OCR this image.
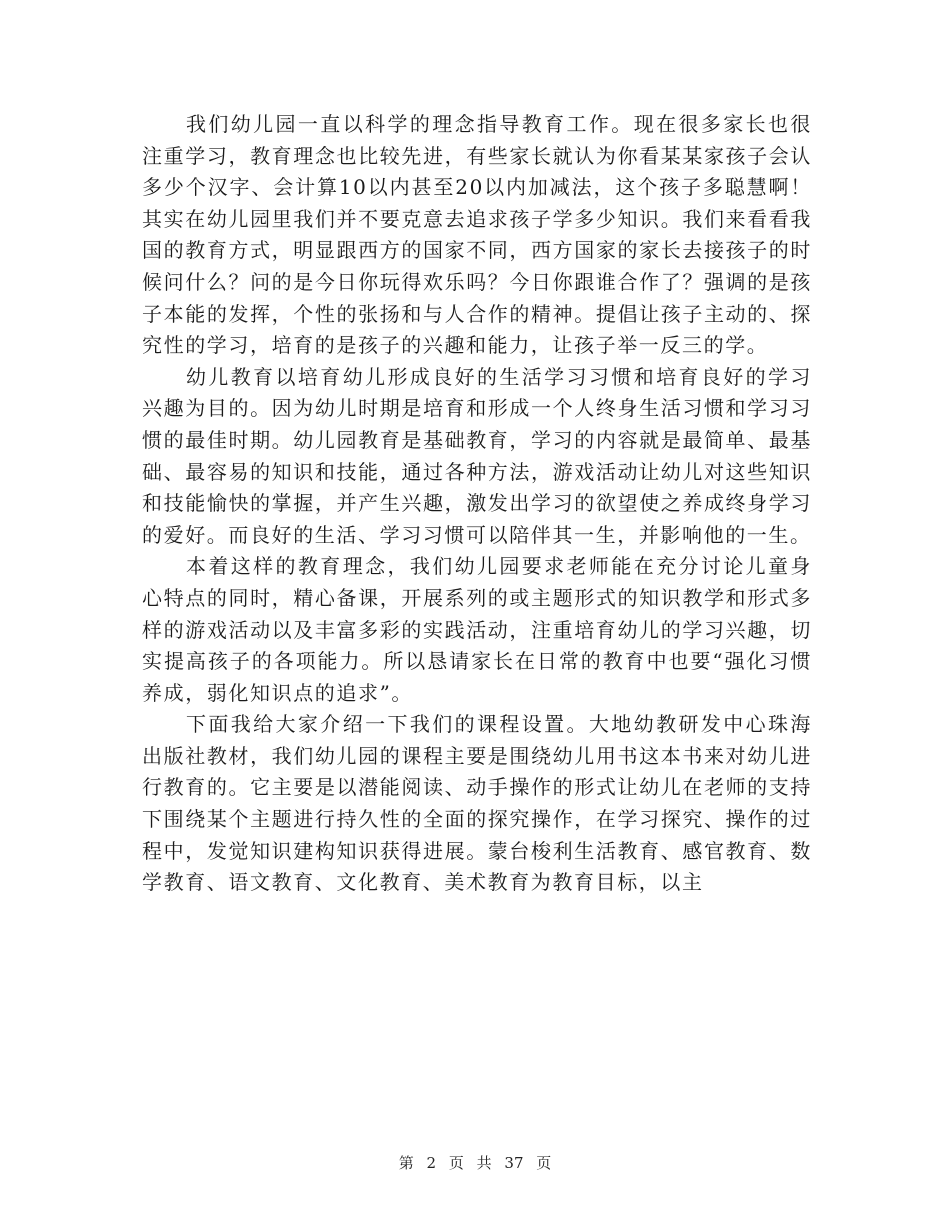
我们幼儿园一直以科学的理念指导教育工作。现在很多家长也很注重学习，教育理念也比较先进，有些家长就认为你看某某家孩子会认多少个汉字、会计算10以内甚至20以内加减法，这个孩子多聪慧啊！其实在幼儿园里我们并不要克意去追求孩子学多少知识。我们来看看我国的教育方式，明显跟西方的国家不同，西方国家的家长去接孩子的时候问什么？问的是今日你玩得欢乐吗？今日你跟谁合作了？强调的是孩子本能的发挥，个性的张扬和与人合作的精神。提倡让孩子主动的、探究性的学习，培育的是孩子的兴趣和能力，让孩子举一反三的学。

幼儿教育以培育幼儿形成良好的生活学习习惯和培育良好的学习兴趣为目的。因为幼儿时期是培育和形成一个人终身生活习惯和学习习惯的最佳时期。幼儿园教育是基础教育，学习的内容就是最简单、最基础、最容易的知识和技能，通过各种方法，游戏活动让幼儿对这些知识和技能愉快的掌握，并产生兴趣，激发出学习的欲望使之养成终身学习的爱好。而良好的生活、学习习惯可以陪伴其一生，并影响他的一生。

本着这样的教育理念，我们幼儿园要求老师能在充分讨论儿童身心特点的同时，精心备课，开展系列的或主题形式的知识教学和形式多样的游戏活动以及丰富多彩的实践活动，注重培育幼儿的学习兴趣，切实提高孩子的各项能力。所以恳请家长在日常的教育中也要“强化习惯养成，弱化知识点的追求”。

下面我给大家介绍一下我们的课程设置。大地幼教研发中心珠海出版社教材，我们幼儿园的课程主要是围绕幼儿用书这本书来对幼儿进行教育的。它主要是以潜能阅读、动手操作的形式让幼儿在老师的支持下围绕某个主题进行持久性的全面的探究操作，在学习探究、操作的过程中，发觉知识建构知识获得进展。蒙台梭利生活教育、感官教育、数学教育、语文教育、文化教育、美术教育为教育目标，以主

第 2 页 共 37 页
